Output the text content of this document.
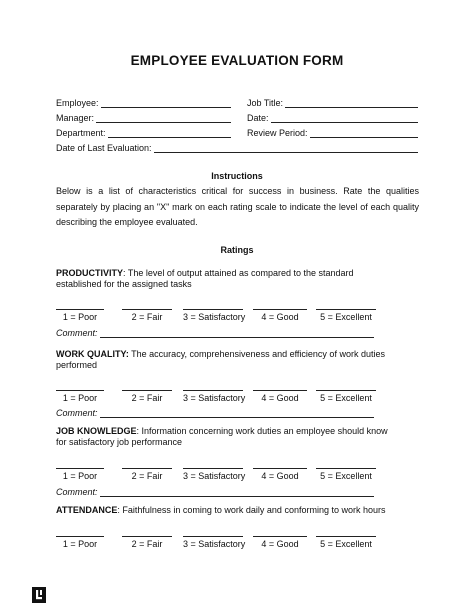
EMPLOYEE EVALUATION FORM
Employee:	Job Title:
Manager:	Date:
Department:	Review Period:
Date of Last Evaluation:
Instructions
Below is a list of characteristics critical for success in business. Rate the qualities separately by placing an "X" mark on each rating scale to indicate the level of each quality describing the employee evaluated.
Ratings
PRODUCTIVITY: The level of output attained as compared to the standard established for the assigned tasks
1 = Poor	2 = Fair	3 = Satisfactory	4 = Good	5 = Excellent
Comment:
WORK QUALITY: The accuracy, comprehensiveness and efficiency of work duties performed
1 = Poor	2 = Fair	3 = Satisfactory	4 = Good	5 = Excellent
Comment:
JOB KNOWLEDGE: Information concerning work duties an employee should know for satisfactory job performance
1 = Poor	2 = Fair	3 = Satisfactory	4 = Good	5 = Excellent
Comment:
ATTENDANCE: Faithfulness in coming to work daily and conforming to work hours
1 = Poor	2 = Fair	3 = Satisfactory	4 = Good	5 = Excellent
